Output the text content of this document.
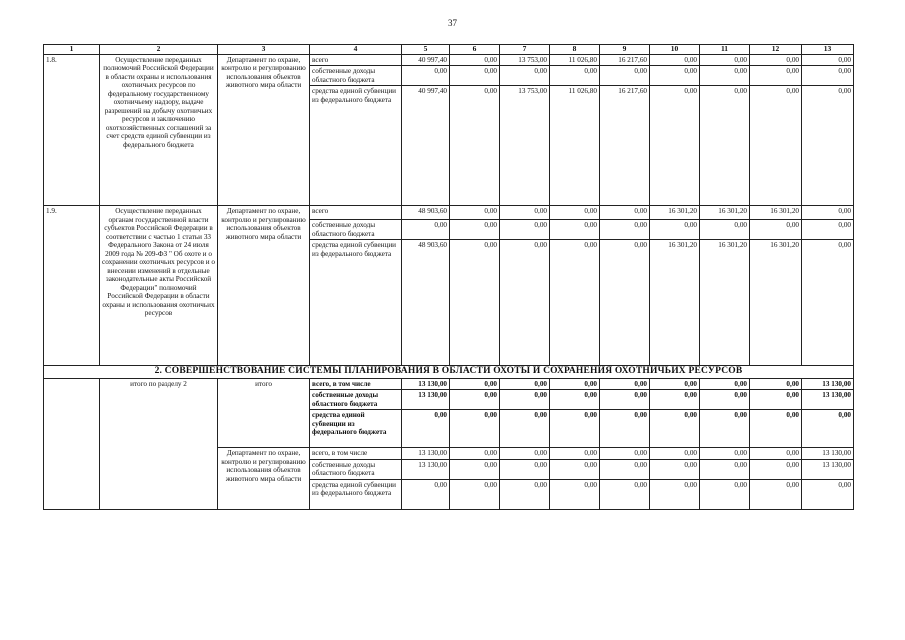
37
1	2	3	4	5	6	7	8	9	10	11	12	13
1.8.	Осуществление переданных полномочий Российской Федерации в области охраны и использования охотничьих ресурсов по федеральному государственному охотничьему надзору, выдаче разрешений на добычу охотничьих ресурсов и заключению охотхозяйственных соглашений за счет средств единой субвенции из федерального бюджета	Департамент по охране, контролю и регулированию использования объектов животного мира области	всего	40 997,40	0,00	13 753,00	11 026,80	16 217,60	0,00	0,00	0,00	0,00
			собственные доходы областного бюджета	0,00	0,00	0,00	0,00	0,00	0,00	0,00	0,00	0,00
			средства единой субвенции из федерального бюджета	40 997,40	0,00	13 753,00	11 026,80	16 217,60	0,00	0,00	0,00	0,00
1.9.	Осуществление переданных органам государственной власти субъектов Российской Федерации в соответствии с частью 1 статьи 33 Федерального Закона от 24 июля 2009 года № 209-ФЗ " Об охоте и о сохранении охотничьих ресурсов и о внесении изменений в отдельные законодательные акты Российской Федерации" полномочий Российской Федерации в области охраны и использования охотничьих ресурсов	Департамент по охране, контролю и регулированию использования объектов животного мира области	всего	48 903,60	0,00	0,00	0,00	0,00	16 301,20	16 301,20	16 301,20	0,00
			собственные доходы областного бюджета	0,00	0,00	0,00	0,00	0,00	0,00	0,00	0,00	0,00
			средства единой субвенции из федерального бюджета	48 903,60	0,00	0,00	0,00	0,00	16 301,20	16 301,20	16 301,20	0,00
2. СОВЕРШЕНСТВОВАНИЕ СИСТЕМЫ ПЛАНИРОВАНИЯ В ОБЛАСТИ ОХОТЫ И СОХРАНЕНИЯ ОХОТНИЧЬИХ РЕСУРСОВ												
	итого по разделу 2	итого	всего, в том числе	13 130,00	0,00	0,00	0,00	0,00	0,00	0,00	0,00	13 130,00
			собственные доходы областного бюджета	13 130,00	0,00	0,00	0,00	0,00	0,00	0,00	0,00	13 130,00
			средства единой субвенции из федерального бюджета	0,00	0,00	0,00	0,00	0,00	0,00	0,00	0,00	0,00
		Департамент по охране, контролю и регулированию использования объектов животного мира области	всего, в том числе	13 130,00	0,00	0,00	0,00	0,00	0,00	0,00	0,00	13 130,00
			собственные доходы областного бюджета	13 130,00	0,00	0,00	0,00	0,00	0,00	0,00	0,00	13 130,00
			средства единой субвенции из федерального бюджета	0,00	0,00	0,00	0,00	0,00	0,00	0,00	0,00	0,00
